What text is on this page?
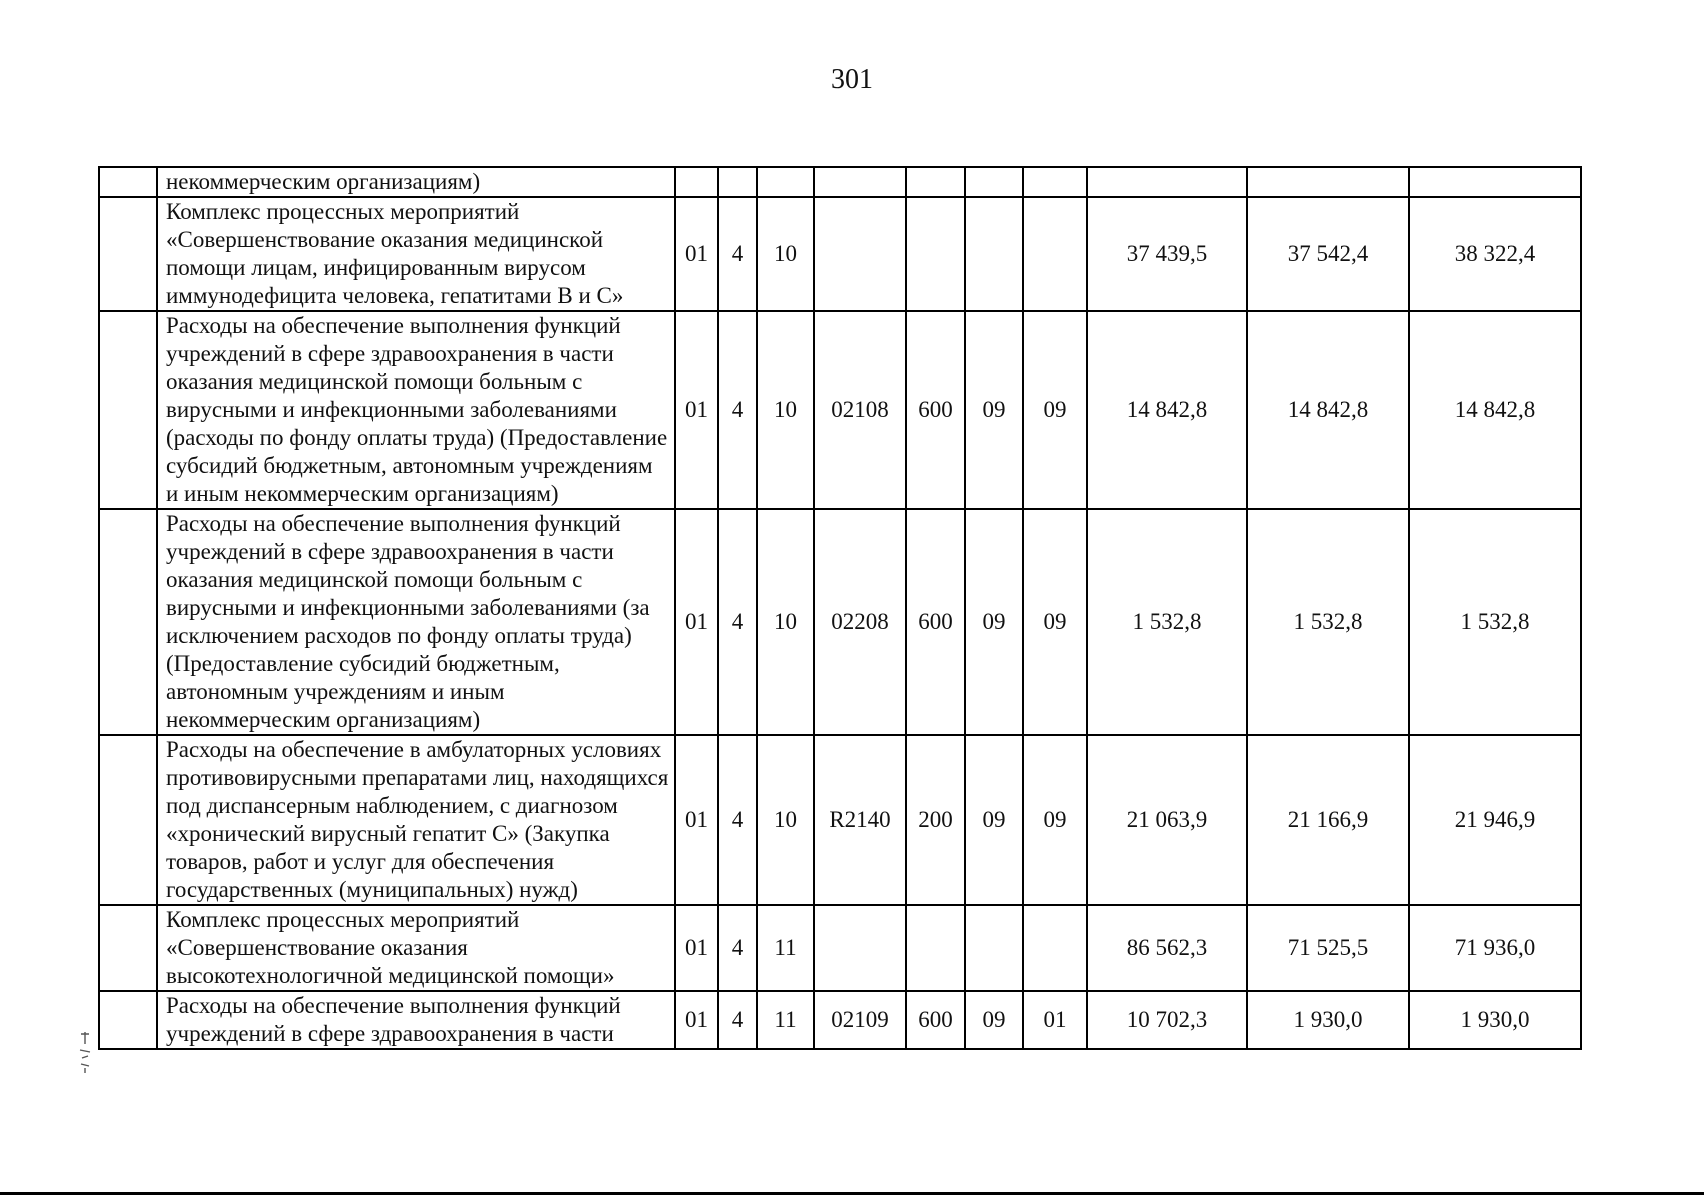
301
	некоммерческим организациям)										
	Комплекс процессных мероприятий «Совершенствование оказания медицинской помощи лицам, инфицированным вирусом иммунодефицита человека, гепатитами В и С»	01	4	10					37 439,5	37 542,4	38 322,4
	Расходы на обеспечение выполнения функций учреждений в сфере здравоохранения в части оказания медицинской помощи больным с вирусными и инфекционными заболеваниями (расходы по фонду оплаты труда) (Предоставление субсидий бюджетным, автономным учреждениям и иным некоммерческим организациям)	01	4	10	02108	600	09	09	14 842,8	14 842,8	14 842,8
	Расходы на обеспечение выполнения функций учреждений в сфере здравоохранения в части оказания медицинской помощи больным с вирусными и инфекционными заболеваниями (за исключением расходов по фонду оплаты труда) (Предоставление субсидий бюджетным, автономным учреждениям и иным некоммерческим организациям)	01	4	10	02208	600	09	09	1 532,8	1 532,8	1 532,8
	Расходы на обеспечение в амбулаторных условиях противовирусными препаратами лиц, находящихся под диспансерным наблюдением, с диагнозом «хронический вирусный гепатит С» (Закупка товаров, работ и услуг для обеспечения государственных (муниципальных) нужд)	01	4	10	R2140	200	09	09	21 063,9	21 166,9	21 946,9
	Комплекс процессных мероприятий «Совершенствование оказания высокотехнологичной медицинской помощи»	01	4	11					86 562,3	71 525,5	71 936,0
	Расходы на обеспечение выполнения функций учреждений в сфере здравоохранения в части	01	4	11	02109	600	09	01	10 702,3	1 930,0	1 930,0
